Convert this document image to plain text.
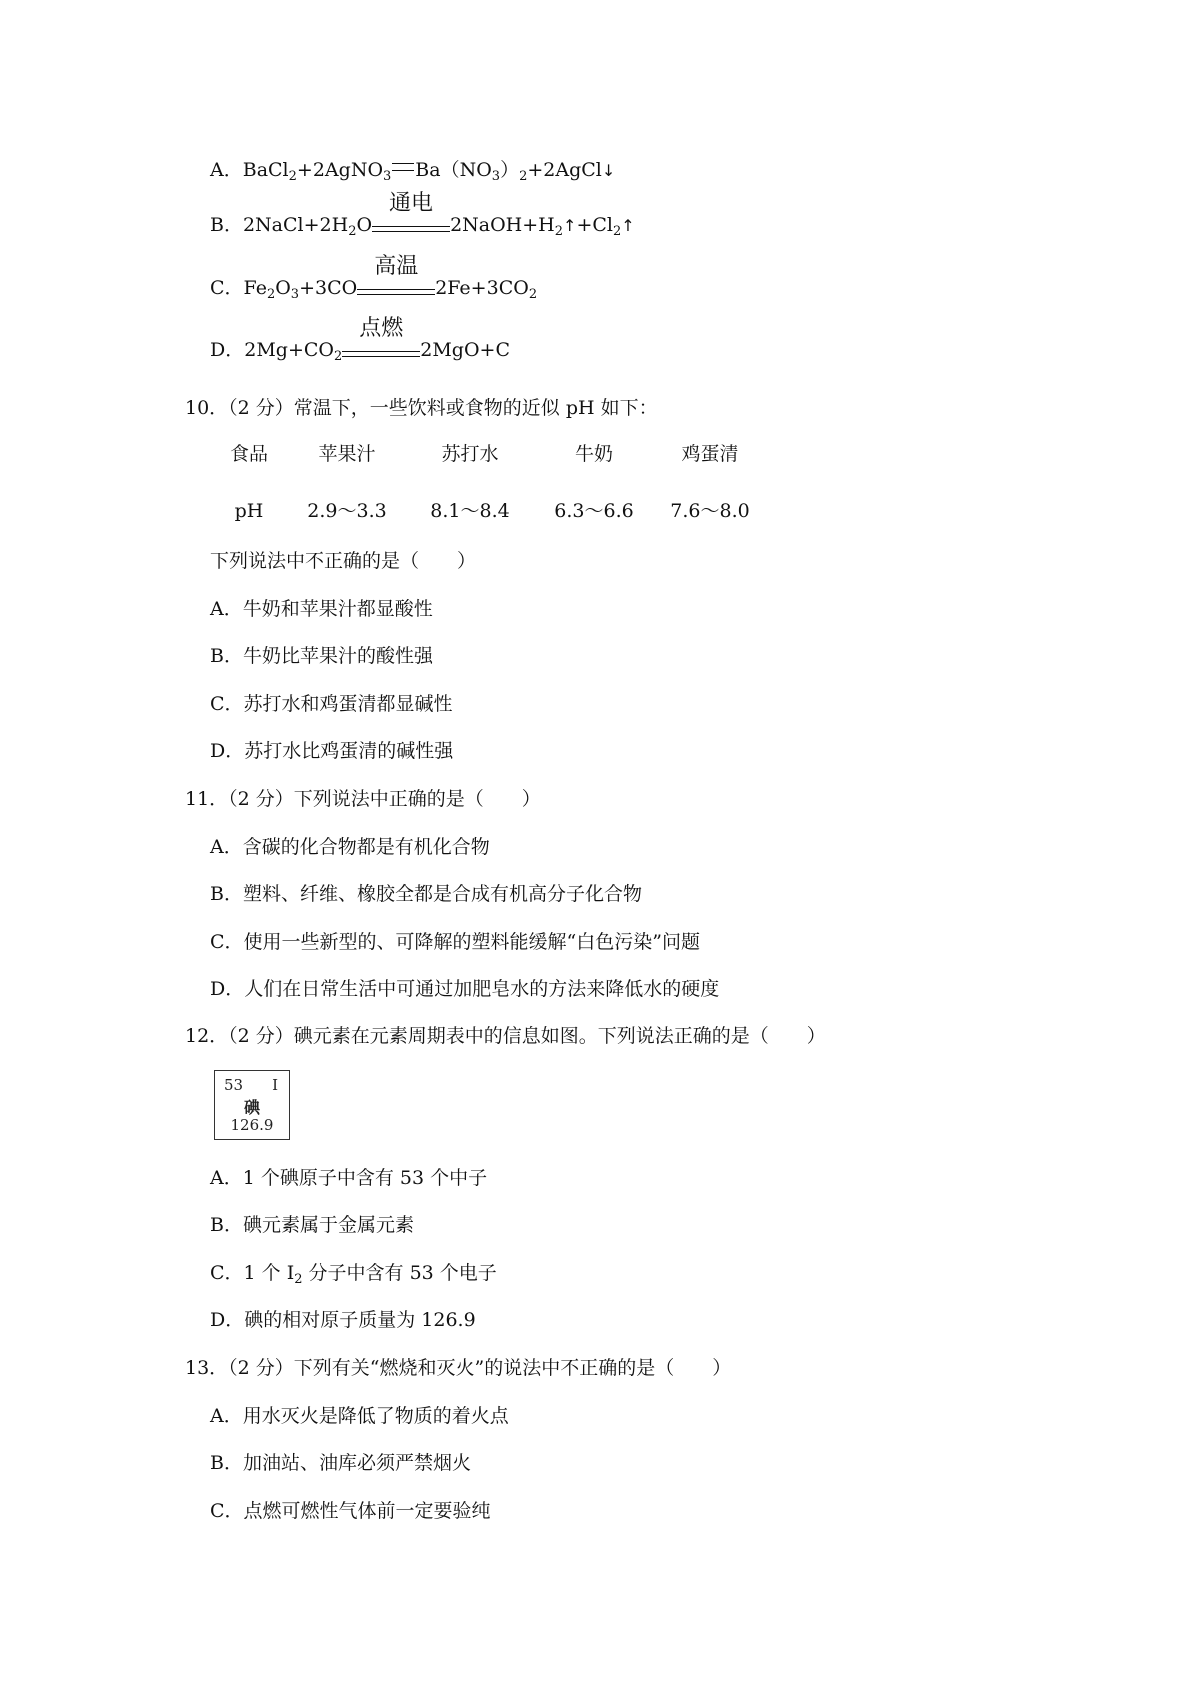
A．BaCl$_2$+2AgNO$_3$ $Ba(NO_3)_2+2AgCl↓$
B．$2NaCl+2H_2O$
通电
$2NaOH+H_2↑+Cl_2↑$
C．$Fe_2O_3+3CO$
高温
$2Fe+3CO_2$
D．$2Mg+CO_2$
点燃
2MgO+C
10．（2 分）常温下，一些饮料或食物的近似 pH 如下：
食品	苹果汁	苏打水	牛奶	鸡蛋清
pH	2.9～3.3	8.1～8.4	6.3～6.6	7.6～8.0
下列说法中不正确的是（　　）
A．牛奶和苹果汁都显酸性
B．牛奶比苹果汁的酸性强
C．苏打水和鸡蛋清都显碱性
D．苏打水比鸡蛋清的碱性强
11．（2 分）下列说法中正确的是（　　）
A．含碳的化合物都是有机化合物
B．塑料、纤维、橡胶全都是合成有机高分子化合物
C．使用一些新型的、可降解的塑料能缓解“白色污染”问题
D．人们在日常生活中可通过加肥皂水的方法来降低水的硬度
12．（2 分）碘元素在元素周期表中的信息如图。下列说法正确的是（　　）
53 I
碘
126.9
A．1 个碘原子中含有 53 个中子
B．碘元素属于金属元素
C．1 个 $I_2$ 分子中含有 53 个电子
D．碘的相对原子质量为 126.9
13．（2 分）下列有关“燃烧和灭火”的说法中不正确的是（　　）
A．用水灭火是降低了物质的着火点
B．加油站、油库必须严禁烟火
C．点燃可燃性气体前一定要验纯
